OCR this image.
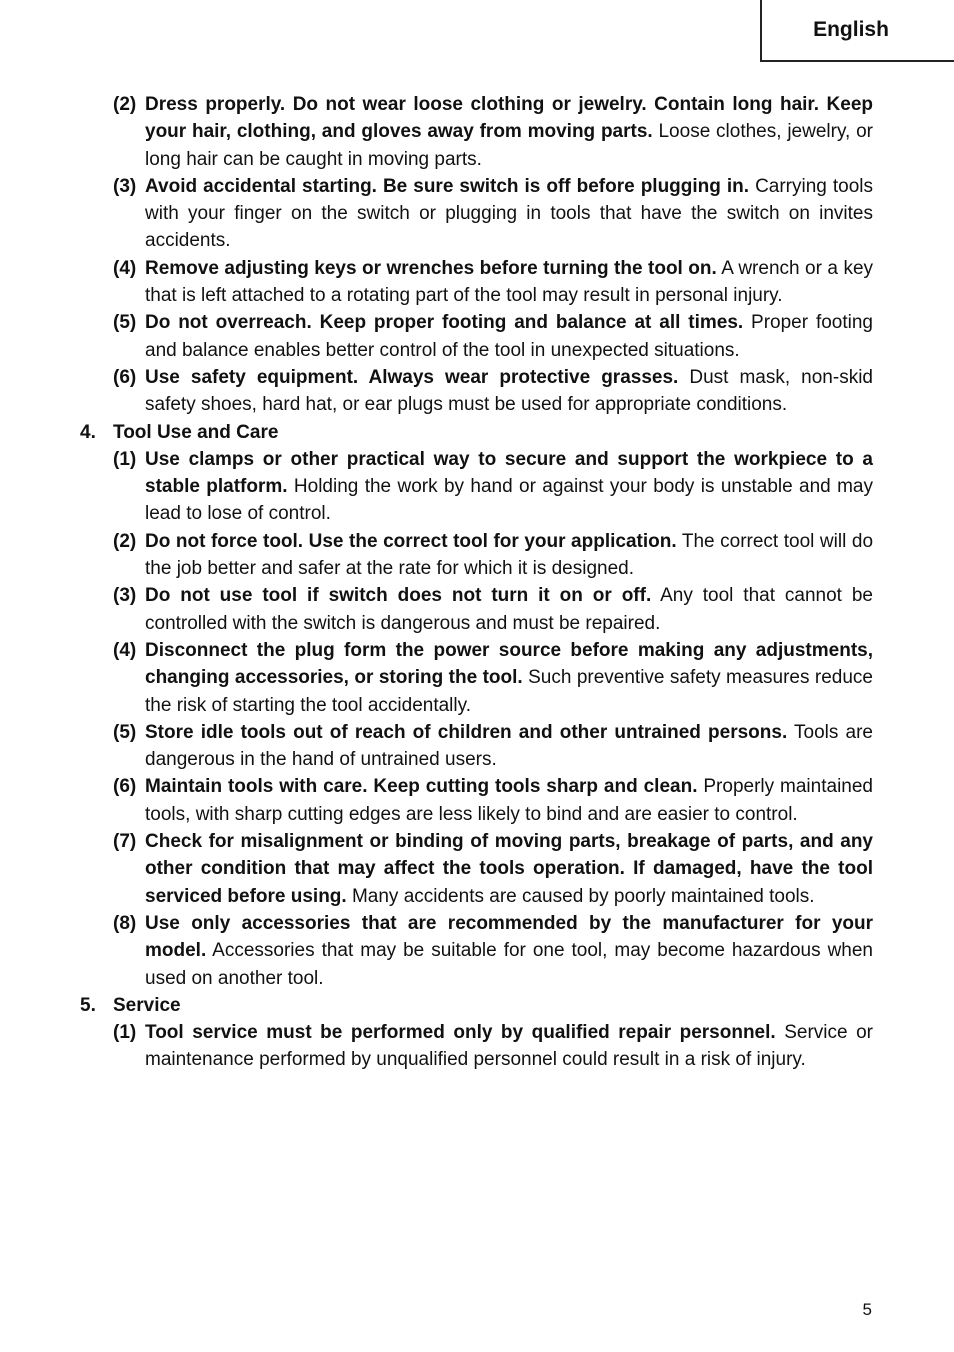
English
(2) Dress properly. Do not wear loose clothing or jewelry. Contain long hair. Keep your hair, clothing, and gloves away from moving parts. Loose clothes, jewelry, or long hair can be caught in moving parts.
(3) Avoid accidental starting. Be sure switch is off before plugging in. Carrying tools with your finger on the switch or plugging in tools that have the switch on invites accidents.
(4) Remove adjusting keys or wrenches before turning the tool on. A wrench or a key that is left attached to a rotating part of the tool may result in personal injury.
(5) Do not overreach. Keep proper footing and balance at all times. Proper footing and balance enables better control of the tool in unexpected situations.
(6) Use safety equipment. Always wear protective grasses. Dust mask, non-skid safety shoes, hard hat, or ear plugs must be used for appropriate conditions.
4. Tool Use and Care
(1) Use clamps or other practical way to secure and support the workpiece to a stable platform. Holding the work by hand or against your body is unstable and may lead to lose of control.
(2) Do not force tool. Use the correct tool for your application. The correct tool will do the job better and safer at the rate for which it is designed.
(3) Do not use tool if switch does not turn it on or off. Any tool that cannot be controlled with the switch is dangerous and must be repaired.
(4) Disconnect the plug form the power source before making any adjustments, changing accessories, or storing the tool. Such preventive safety measures reduce the risk of starting the tool accidentally.
(5) Store idle tools out of reach of children and other untrained persons. Tools are dangerous in the hand of untrained users.
(6) Maintain tools with care. Keep cutting tools sharp and clean. Properly maintained tools, with sharp cutting edges are less likely to bind and are easier to control.
(7) Check for misalignment or binding of moving parts, breakage of parts, and any other condition that may affect the tools operation. If damaged, have the tool serviced before using. Many accidents are caused by poorly maintained tools.
(8) Use only accessories that are recommended by the manufacturer for your model. Accessories that may be suitable for one tool, may become hazardous when used on another tool.
5. Service
(1) Tool service must be performed only by qualified repair personnel. Service or maintenance performed by unqualified personnel could result in a risk of injury.
5
